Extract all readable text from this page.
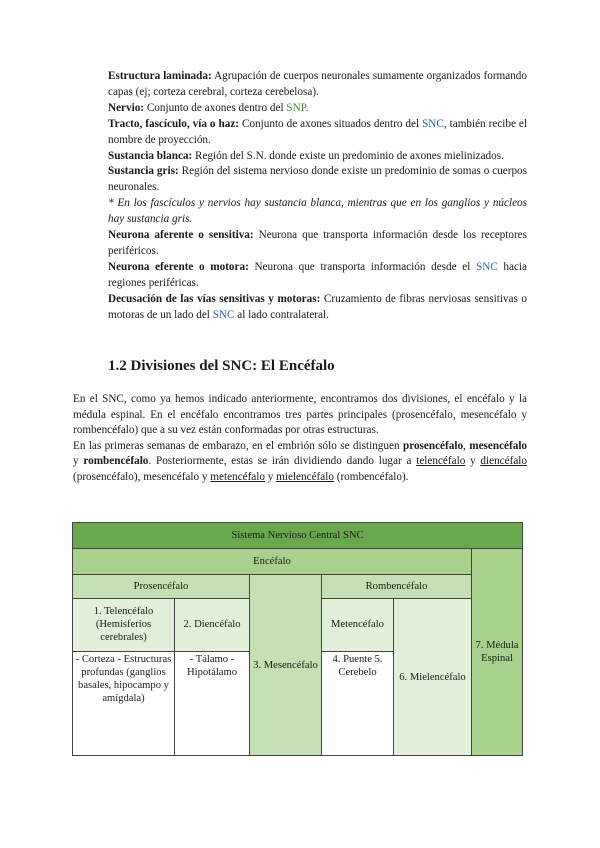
Estructura laminada: Agrupación de cuerpos neuronales sumamente organizados formando capas (ej; corteza cerebral, corteza cerebelosa).

Nervio: Conjunto de axones dentro del SNP.

Tracto, fascículo, vía o haz: Conjunto de axones situados dentro del SNC, también recibe el nombre de proyección.

Sustancia blanca: Región del S.N. donde existe un predominio de axones mielinizados.

Sustancia gris: Región del sistema nervioso donde existe un predominio de somas o cuerpos neuronales.

* En los fascículos y nervios hay sustancia blanca, mientras que en los ganglios y núcleos hay sustancia gris.

Neurona aferente o sensitiva: Neurona que transporta información desde los receptores periféricos.

Neurona eferente o motora: Neurona que transporta información desde el SNC hacia regiones periféricas.

Decusación de las vías sensitivas y motoras: Cruzamiento de fibras nerviosas sensitivas o motoras de un lado del SNC al lado contralateral.

1.2 Divisiones del SNC: El Encéfalo

En el SNC, como ya hemos indicado anteriormente, encontramos dos divisiones, el encéfalo y la médula espinal. En el encéfalo encontramos tres partes principales (prosencéfalo, mesencéfalo y rombencéfalo) que a su vez están conformadas por otras estructuras.

En las primeras semanas de embarazo, en el embrión sólo se distinguen prosencéfalo, mesencéfalo y rombencéfalo. Posteriormente, estas se irán dividiendo dando lugar a telencéfalo y diencéfalo (prosencéfalo), mesencéfalo y metencéfalo y mielencéfalo (rombencéfalo).

Sistema Nervioso Central SNC					
Encéfalo					7. Médula Espinal
Prosencéfalo		3. Mesencéfalo	Rombencéfalo		
1. Telencéfalo (Hemisferios cerebrales)	2. Diencéfalo		Metencéfalo	6. Mielencéfalo	
- Corteza - Estructuras profundas (ganglios basales, hipocampo y amígdala)	- Tálamo - Hipotálamo		4. Puente 5. Cerebelo		
